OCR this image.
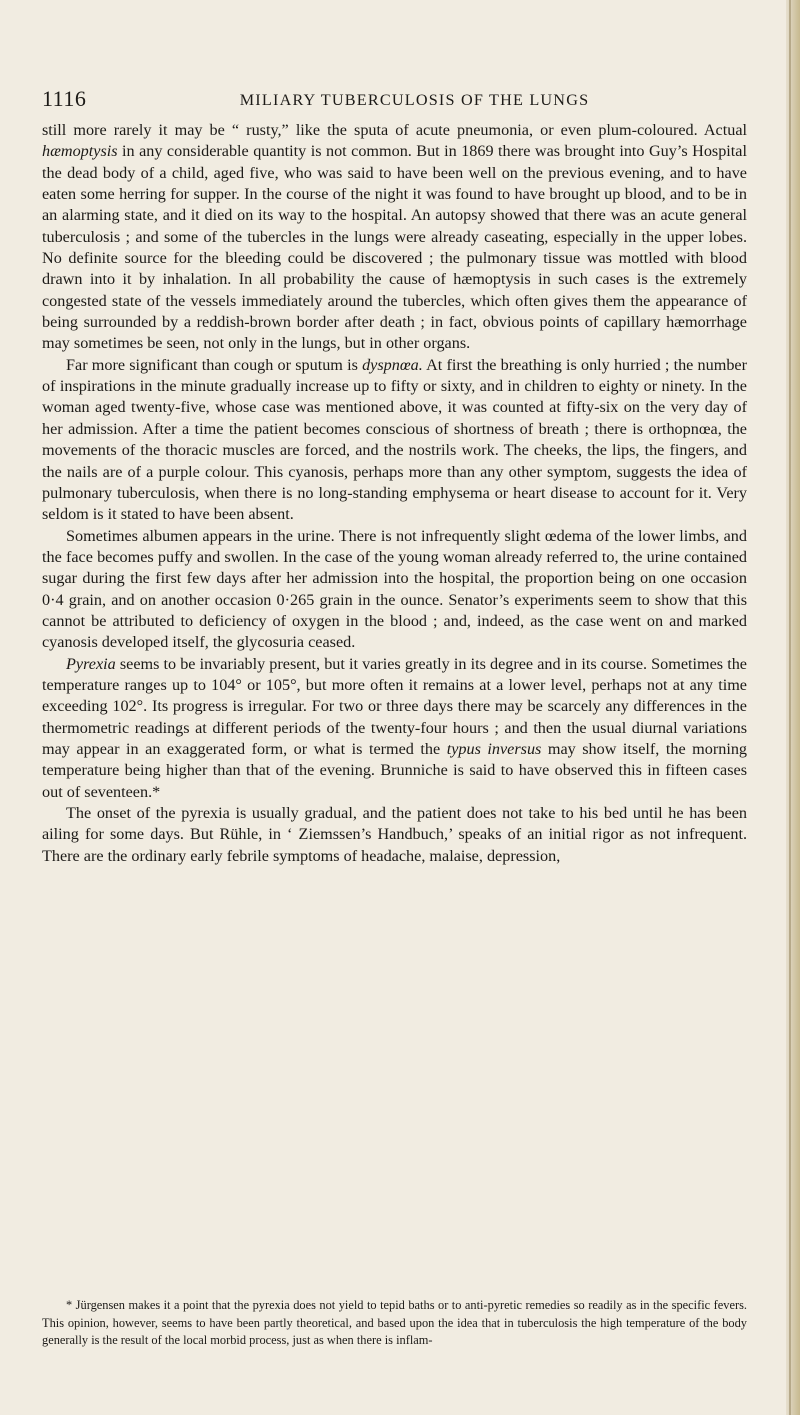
1116	MILIARY TUBERCULOSIS OF THE LUNGS

still more rarely it may be “ rusty,” like the sputa of acute pneumonia, or even plum-coloured. Actual hæmoptysis in any considerable quantity is not common. But in 1869 there was brought into Guy’s Hospital the dead body of a child, aged five, who was said to have been well on the previous evening, and to have eaten some herring for supper. In the course of the night it was found to have brought up blood, and to be in an alarming state, and it died on its way to the hospital. An autopsy showed that there was an acute general tuberculosis ; and some of the tubercles in the lungs were already caseating, especially in the upper lobes. No definite source for the bleeding could be discovered ; the pulmonary tissue was mottled with blood drawn into it by inhalation. In all probability the cause of hæmoptysis in such cases is the extremely congested state of the vessels immediately around the tubercles, which often gives them the appearance of being surrounded by a reddish-brown border after death ; in fact, obvious points of capillary hæmorrhage may sometimes be seen, not only in the lungs, but in other organs.

Far more significant than cough or sputum is dyspnœa. At first the breathing is only hurried ; the number of inspirations in the minute gradually increase up to fifty or sixty, and in children to eighty or ninety. In the woman aged twenty-five, whose case was mentioned above, it was counted at fifty-six on the very day of her admission. After a time the patient becomes conscious of shortness of breath ; there is orthopnœa, the movements of the thoracic muscles are forced, and the nostrils work. The cheeks, the lips, the fingers, and the nails are of a purple colour. This cyanosis, perhaps more than any other symptom, suggests the idea of pulmonary tuberculosis, when there is no long-standing emphysema or heart disease to account for it. Very seldom is it stated to have been absent.

Sometimes albumen appears in the urine. There is not infrequently slight œdema of the lower limbs, and the face becomes puffy and swollen. In the case of the young woman already referred to, the urine contained sugar during the first few days after her admission into the hospital, the proportion being on one occasion 0·4 grain, and on another occasion 0·265 grain in the ounce. Senator’s experiments seem to show that this cannot be attributed to deficiency of oxygen in the blood ; and, indeed, as the case went on and marked cyanosis developed itself, the glycosuria ceased.

Pyrexia seems to be invariably present, but it varies greatly in its degree and in its course. Sometimes the temperature ranges up to 104° or 105°, but more often it remains at a lower level, perhaps not at any time exceeding 102°. Its progress is irregular. For two or three days there may be scarcely any differences in the thermometric readings at different periods of the twenty-four hours ; and then the usual diurnal variations may appear in an exaggerated form, or what is termed the typus inversus may show itself, the morning temperature being higher than that of the evening. Brunniche is said to have observed this in fifteen cases out of seventeen.*

The onset of the pyrexia is usually gradual, and the patient does not take to his bed until he has been ailing for some days. But Rühle, in ‘ Ziemssen’s Handbuch,’ speaks of an initial rigor as not infrequent. There are the ordinary early febrile symptoms of headache, malaise, depression,

* Jürgensen makes it a point that the pyrexia does not yield to tepid baths or to anti-pyretic remedies so readily as in the specific fevers. This opinion, however, seems to have been partly theoretical, and based upon the idea that in tuberculosis the high temperature of the body generally is the result of the local morbid process, just as when there is inflam-
